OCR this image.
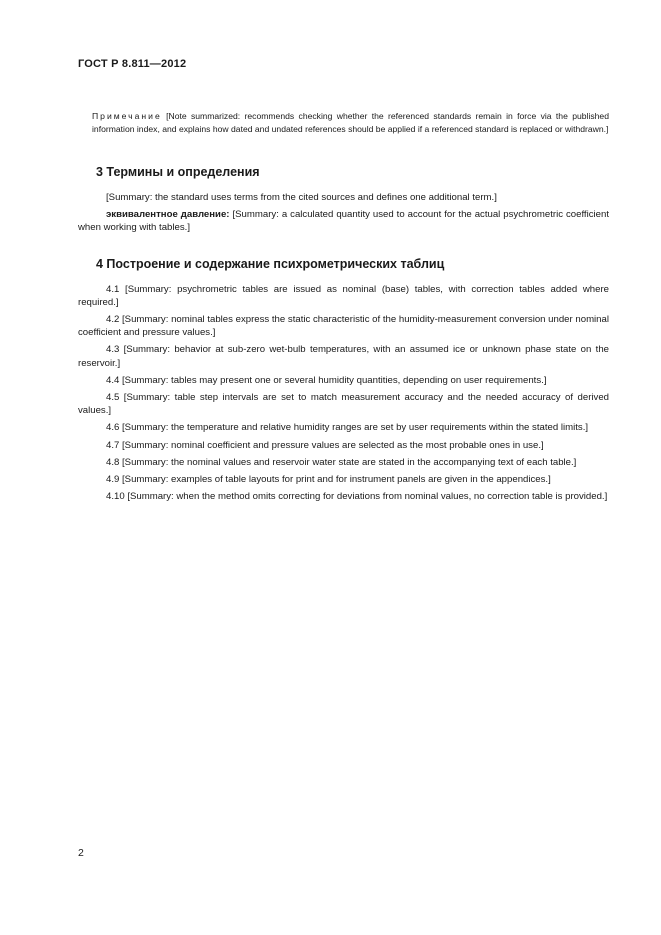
ГОСТ Р 8.811—2012
Примечание [Note summarized: recommends checking whether the referenced standards remain in force via the published information index, and explains how dated and undated references should be applied if a referenced standard is replaced or withdrawn.]
3 Термины и определения

[Summary: the standard uses terms from the cited sources and defines one additional term.]

эквивалентное давление: [Summary: a calculated quantity used to account for the actual psychrometric coefficient when working with tables.]

4 Построение и содержание психрометрических таблиц

4.1 [Summary: psychrometric tables are issued as nominal (base) tables, with correction tables added where required.]

4.2 [Summary: nominal tables express the static characteristic of the humidity-measurement conversion under nominal coefficient and pressure values.]

4.3 [Summary: behavior at sub-zero wet-bulb temperatures, with an assumed ice or unknown phase state on the reservoir.]

4.4 [Summary: tables may present one or several humidity quantities, depending on user requirements.]

4.5 [Summary: table step intervals are set to match measurement accuracy and the needed accuracy of derived values.]

4.6 [Summary: the temperature and relative humidity ranges are set by user requirements within the stated limits.]

4.7 [Summary: nominal coefficient and pressure values are selected as the most probable ones in use.]

4.8 [Summary: the nominal values and reservoir water state are stated in the accompanying text of each table.]

4.9 [Summary: examples of table layouts for print and for instrument panels are given in the appendices.]

4.10 [Summary: when the method omits correcting for deviations from nominal values, no correction table is provided.]

2
